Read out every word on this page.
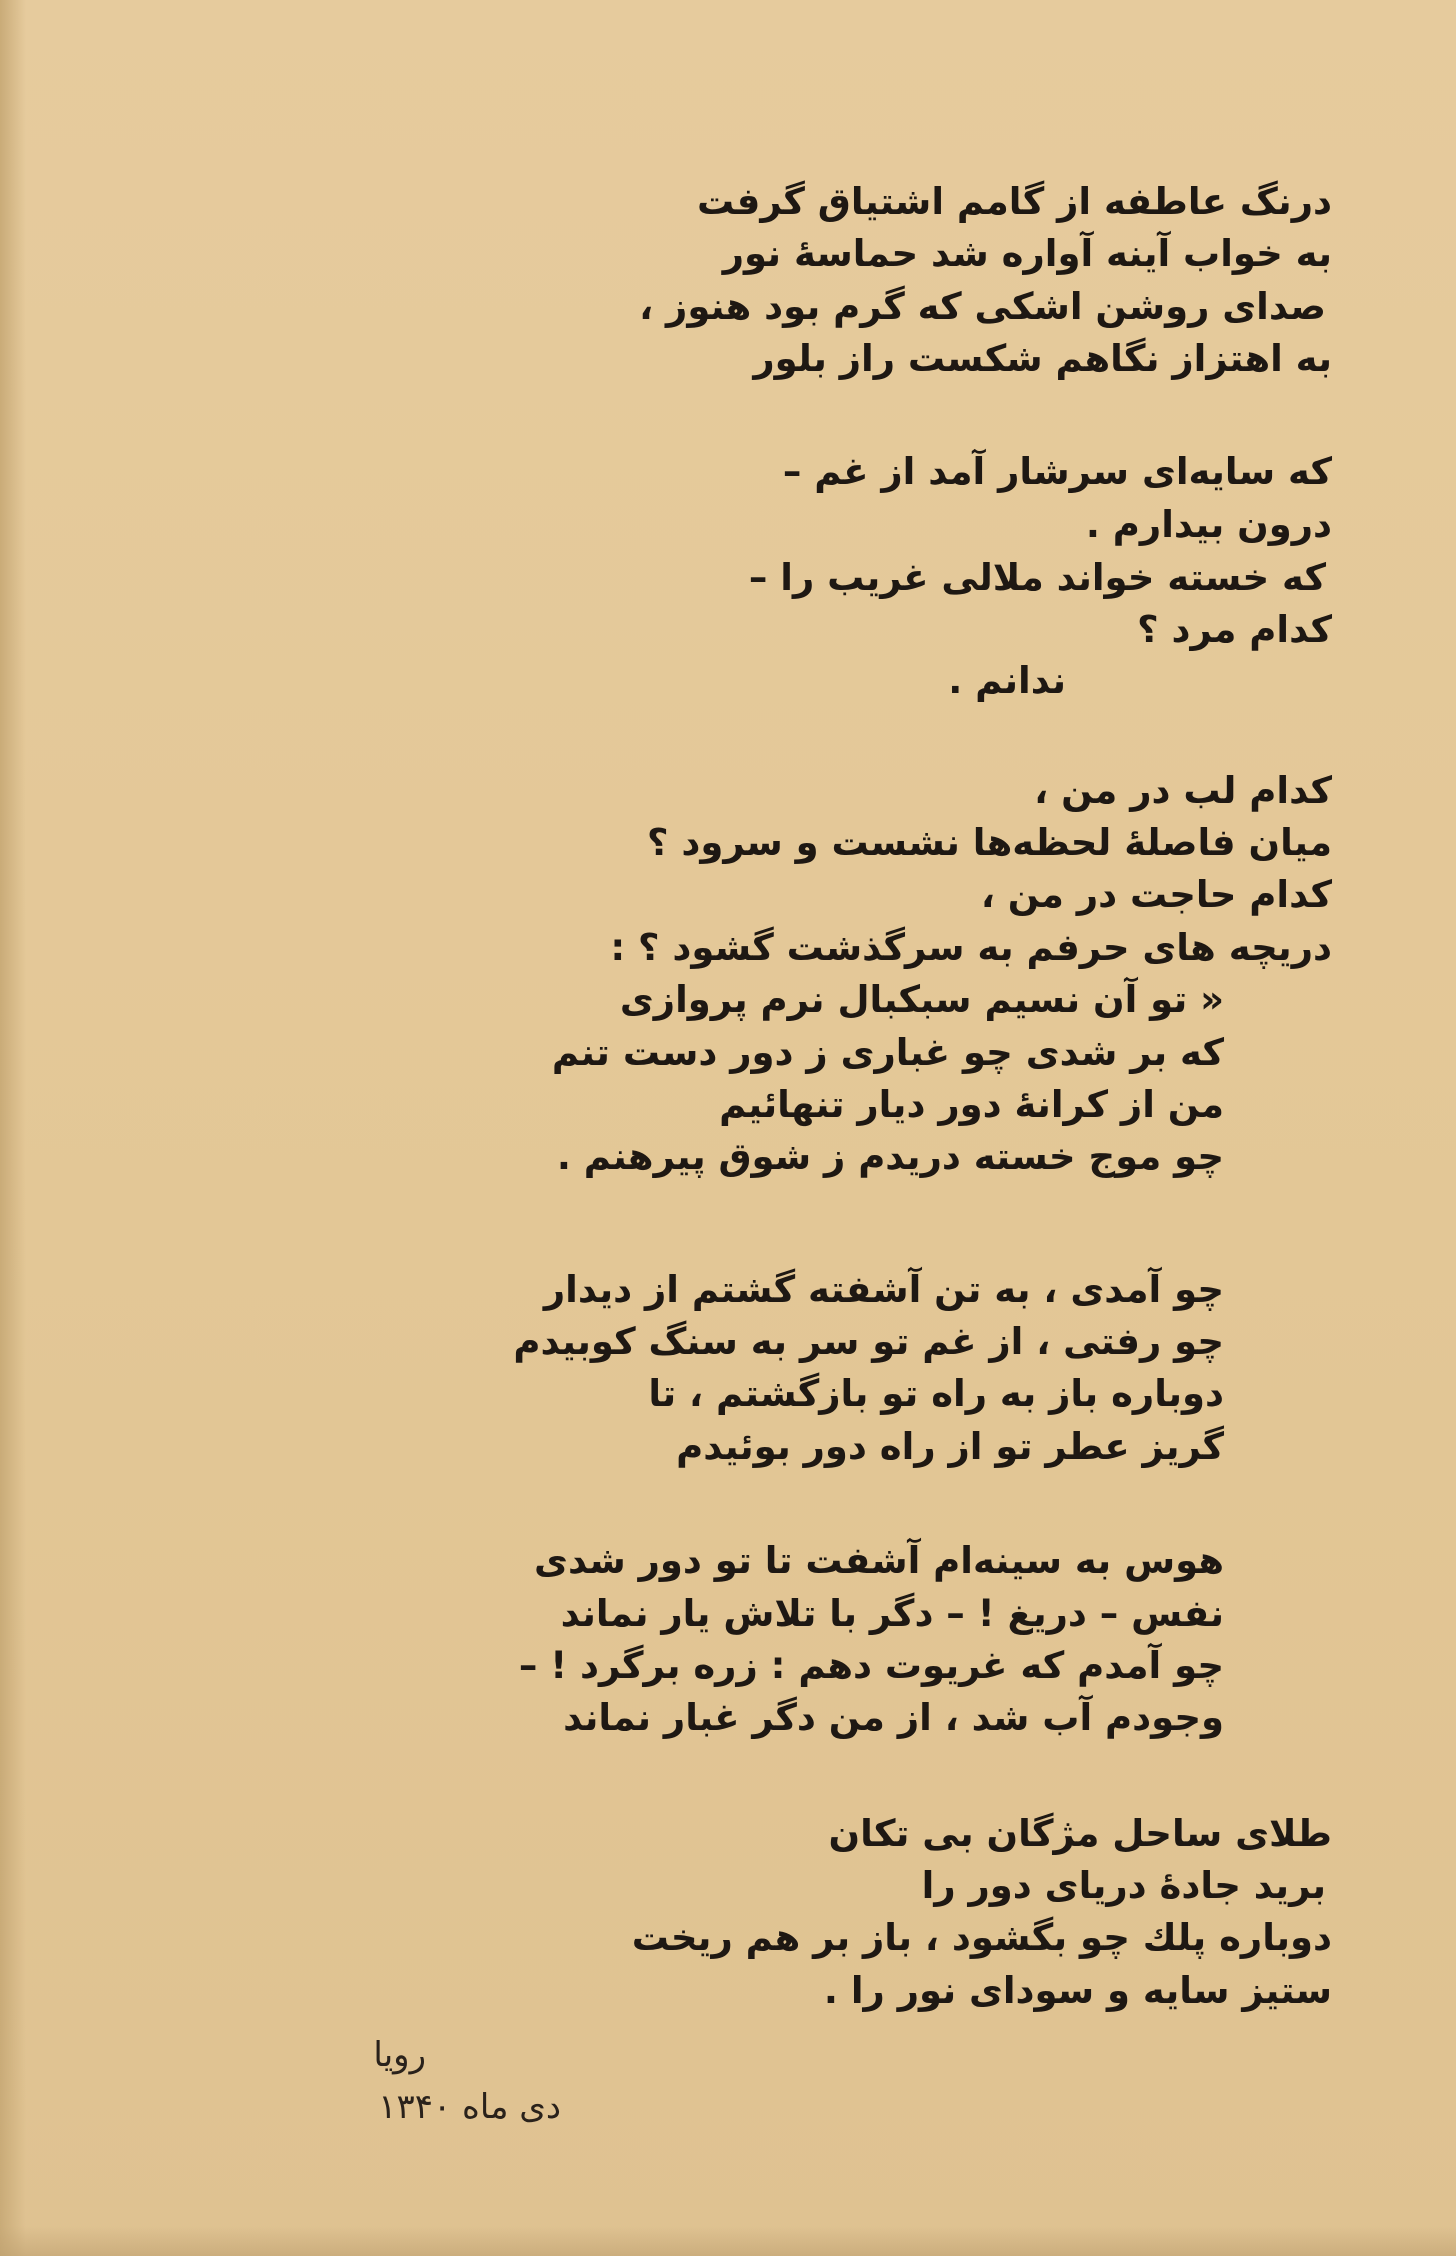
درنگ عاطفه از گامم اشتیاق گرفت
به خواب آینه آواره شد حماسهٔ نور
صدای روشن اشکی که گرم بود هنوز ،
به اهتزاز نگاهم شکست راز بلور
که سایه‌ای سرشار آمد از غم –
درون بیدارم .
که خسته خواند ملالی غریب را –
کدام مرد ؟
ندانم .
کدام لب در من ،
میان فاصلهٔ لحظه‌ها نشست و سرود ؟
کدام حاجت در من ،
دریچه های حرفم به سرگذشت گشود ؟ :
« تو آن نسیم سبکبال نرم پروازی
که بر شدی چو غباری ز دور دست تنم
من از کرانهٔ دور دیار تنهائیم
چو موج خسته دریدم ز شوق پیرهنم .
چو آمدی ، به تن آشفته گشتم از دیدار
چو رفتی ، از غم تو سر به سنگ کوبیدم
دوباره باز به راه تو بازگشتم ، تا
گریز عطر تو از راه دور بوئیدم
هوس به سینه‌ام آشفت تا تو دور شدی
نفس – دریغ ! – دگر با تلاش یار نماند
چو آمدم که غریوت دهم : زره برگرد ! –
وجودم آب شد ، از من دگر غبار نماند
طلای ساحل مژگان بی تکان
برید جادهٔ دریای دور را
دوباره پلك چو بگشود ، باز بر هم ریخت
ستیز سایه و سودای نور را .
رویا
دی ماه ۱۳۴۰
